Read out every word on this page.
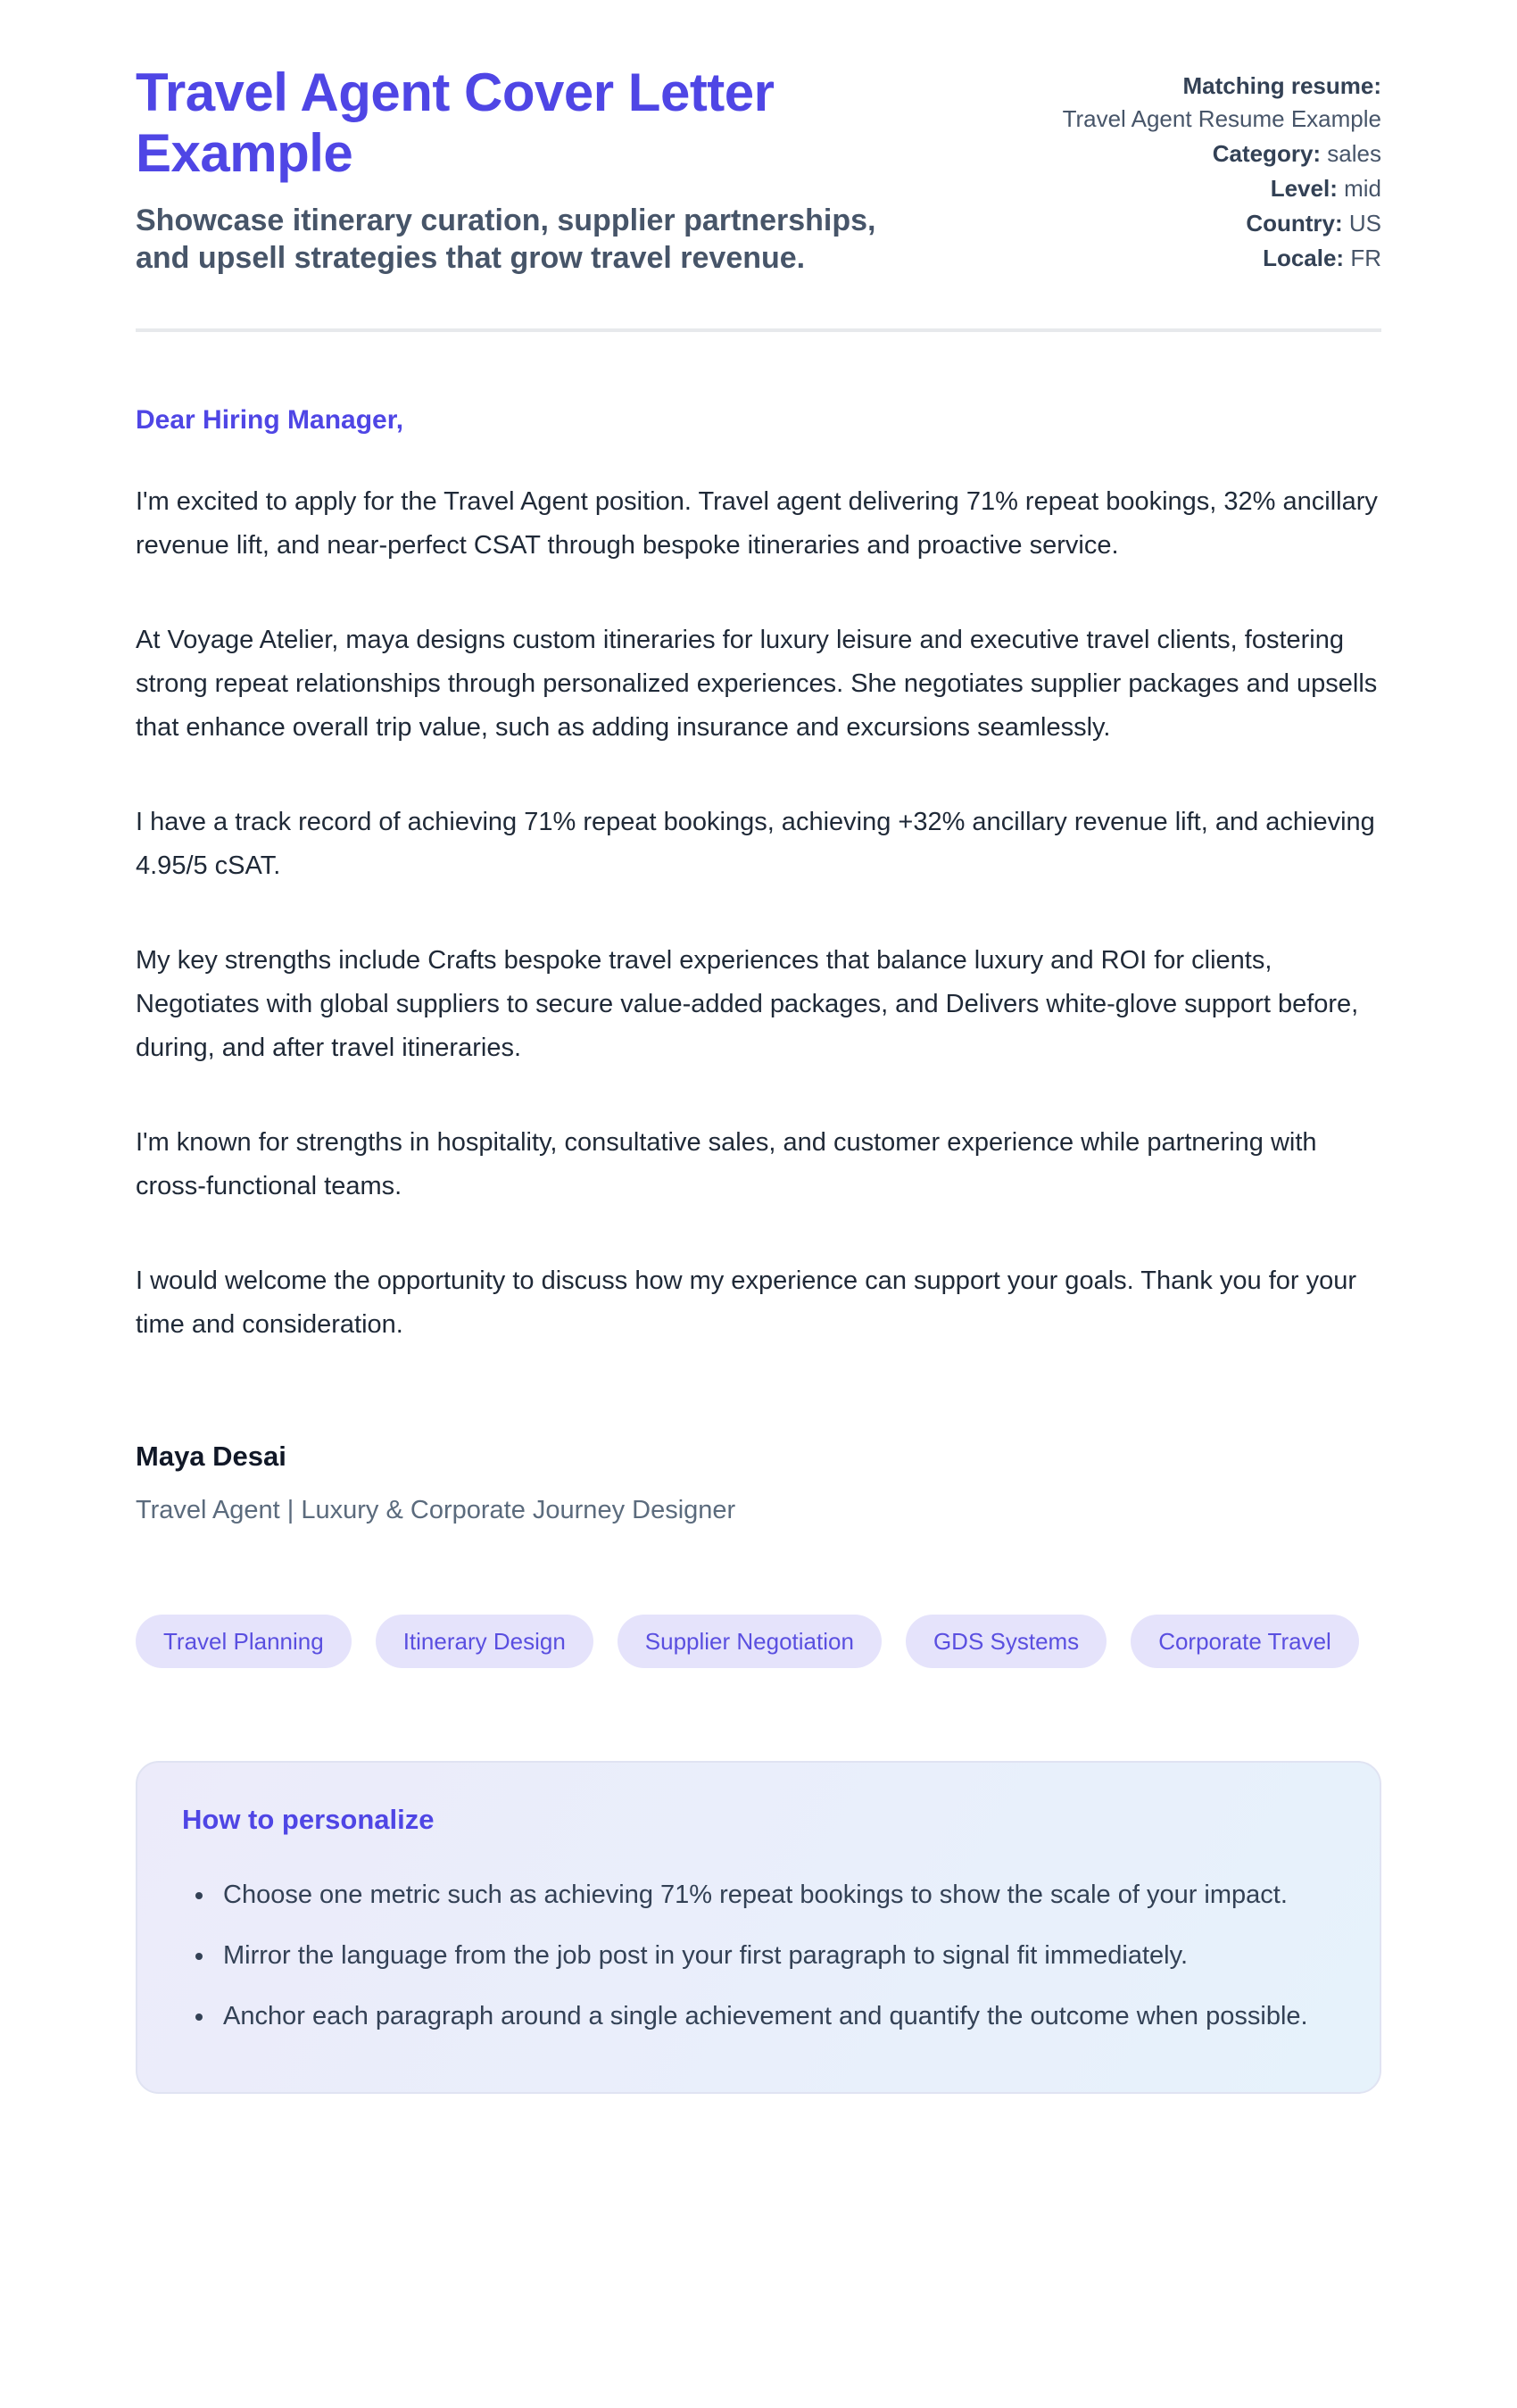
Travel Agent Cover Letter Example

Showcase itinerary curation, supplier partnerships, and upsell strategies that grow travel revenue.

Matching resume:
Travel Agent Resume Example
Category: sales
Level: mid
Country: US
Locale: FR

Dear Hiring Manager,

I'm excited to apply for the Travel Agent position. Travel agent delivering 71% repeat bookings, 32% ancillary revenue lift, and near-perfect CSAT through bespoke itineraries and proactive service.

At Voyage Atelier, maya designs custom itineraries for luxury leisure and executive travel clients, fostering strong repeat relationships through personalized experiences. She negotiates supplier packages and upsells that enhance overall trip value, such as adding insurance and excursions seamlessly.

I have a track record of achieving 71% repeat bookings, achieving +32% ancillary revenue lift, and achieving 4.95/5 cSAT.

My key strengths include Crafts bespoke travel experiences that balance luxury and ROI for clients, Negotiates with global suppliers to secure value-added packages, and Delivers white-glove support before, during, and after travel itineraries.

I'm known for strengths in hospitality, consultative sales, and customer experience while partnering with cross-functional teams.

I would welcome the opportunity to discuss how my experience can support your goals. Thank you for your time and consideration.

Maya Desai
Travel Agent | Luxury & Corporate Journey Designer
Travel Planning	Itinerary Design	Supplier Negotiation	GDS Systems	Corporate Travel
How to personalize
• Choose one metric such as achieving 71% repeat bookings to show the scale of your impact.
• Mirror the language from the job post in your first paragraph to signal fit immediately.
• Anchor each paragraph around a single achievement and quantify the outcome when possible.
